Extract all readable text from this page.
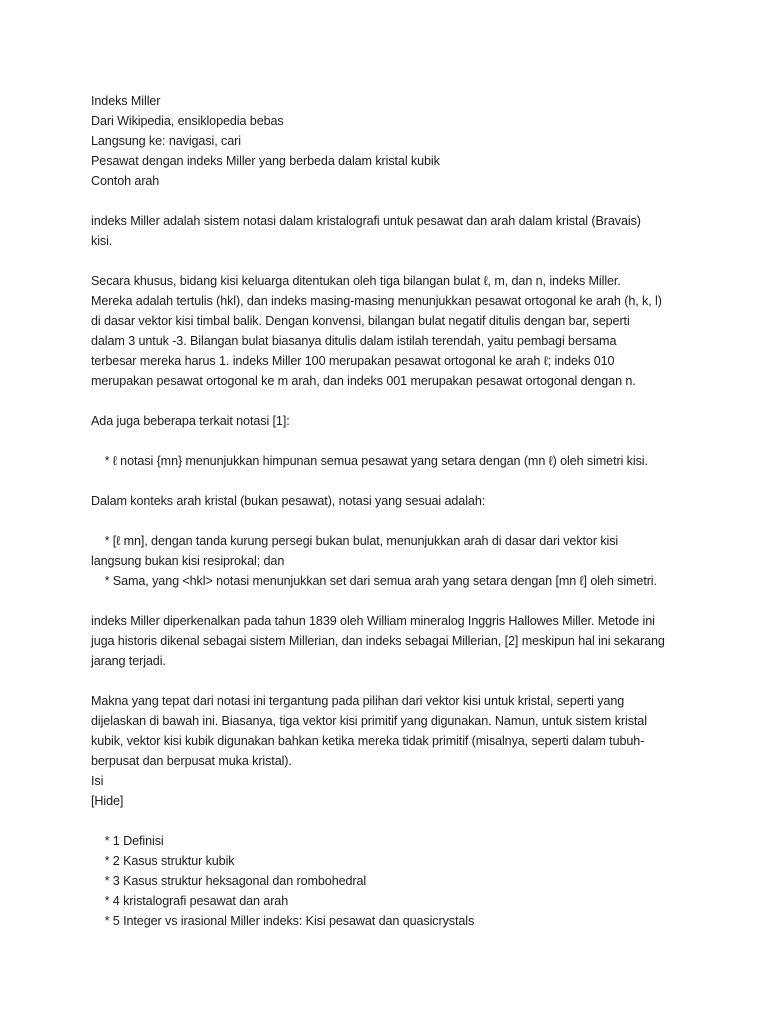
Indeks Miller
Dari Wikipedia, ensiklopedia bebas
Langsung ke: navigasi, cari
Pesawat dengan indeks Miller yang berbeda dalam kristal kubik
Contoh arah
indeks Miller adalah sistem notasi dalam kristalografi untuk pesawat dan arah dalam kristal (Bravais)
kisi.
Secara khusus, bidang kisi keluarga ditentukan oleh tiga bilangan bulat ℓ, m, dan n, indeks Miller.
Mereka adalah tertulis (hkl), dan indeks masing-masing menunjukkan pesawat ortogonal ke arah (h, k, l)
di dasar vektor kisi timbal balik. Dengan konvensi, bilangan bulat negatif ditulis dengan bar, seperti
dalam 3 untuk -3. Bilangan bulat biasanya ditulis dalam istilah terendah, yaitu pembagi bersama
terbesar mereka harus 1. indeks Miller 100 merupakan pesawat ortogonal ke arah ℓ; indeks 010
merupakan pesawat ortogonal ke m arah, dan indeks 001 merupakan pesawat ortogonal dengan n.
Ada juga beberapa terkait notasi [1]:
* ℓ notasi {mn} menunjukkan himpunan semua pesawat yang setara dengan (mn ℓ) oleh simetri kisi.
Dalam konteks arah kristal (bukan pesawat), notasi yang sesuai adalah:
* [ℓ mn], dengan tanda kurung persegi bukan bulat, menunjukkan arah di dasar dari vektor kisi
langsung bukan kisi resiprokal; dan
* Sama, yang <hkl> notasi menunjukkan set dari semua arah yang setara dengan [mn ℓ] oleh simetri.
indeks Miller diperkenalkan pada tahun 1839 oleh William mineralog Inggris Hallowes Miller. Metode ini
juga historis dikenal sebagai sistem Millerian, dan indeks sebagai Millerian, [2] meskipun hal ini sekarang
jarang terjadi.
Makna yang tepat dari notasi ini tergantung pada pilihan dari vektor kisi untuk kristal, seperti yang
dijelaskan di bawah ini. Biasanya, tiga vektor kisi primitif yang digunakan. Namun, untuk sistem kristal
kubik, vektor kisi kubik digunakan bahkan ketika mereka tidak primitif (misalnya, seperti dalam tubuh-
berpusat dan berpusat muka kristal).
Isi
[Hide]
* 1 Definisi
* 2 Kasus struktur kubik
* 3 Kasus struktur heksagonal dan rombohedral
* 4 kristalografi pesawat dan arah
* 5 Integer vs irasional Miller indeks: Kisi pesawat dan quasicrystals
